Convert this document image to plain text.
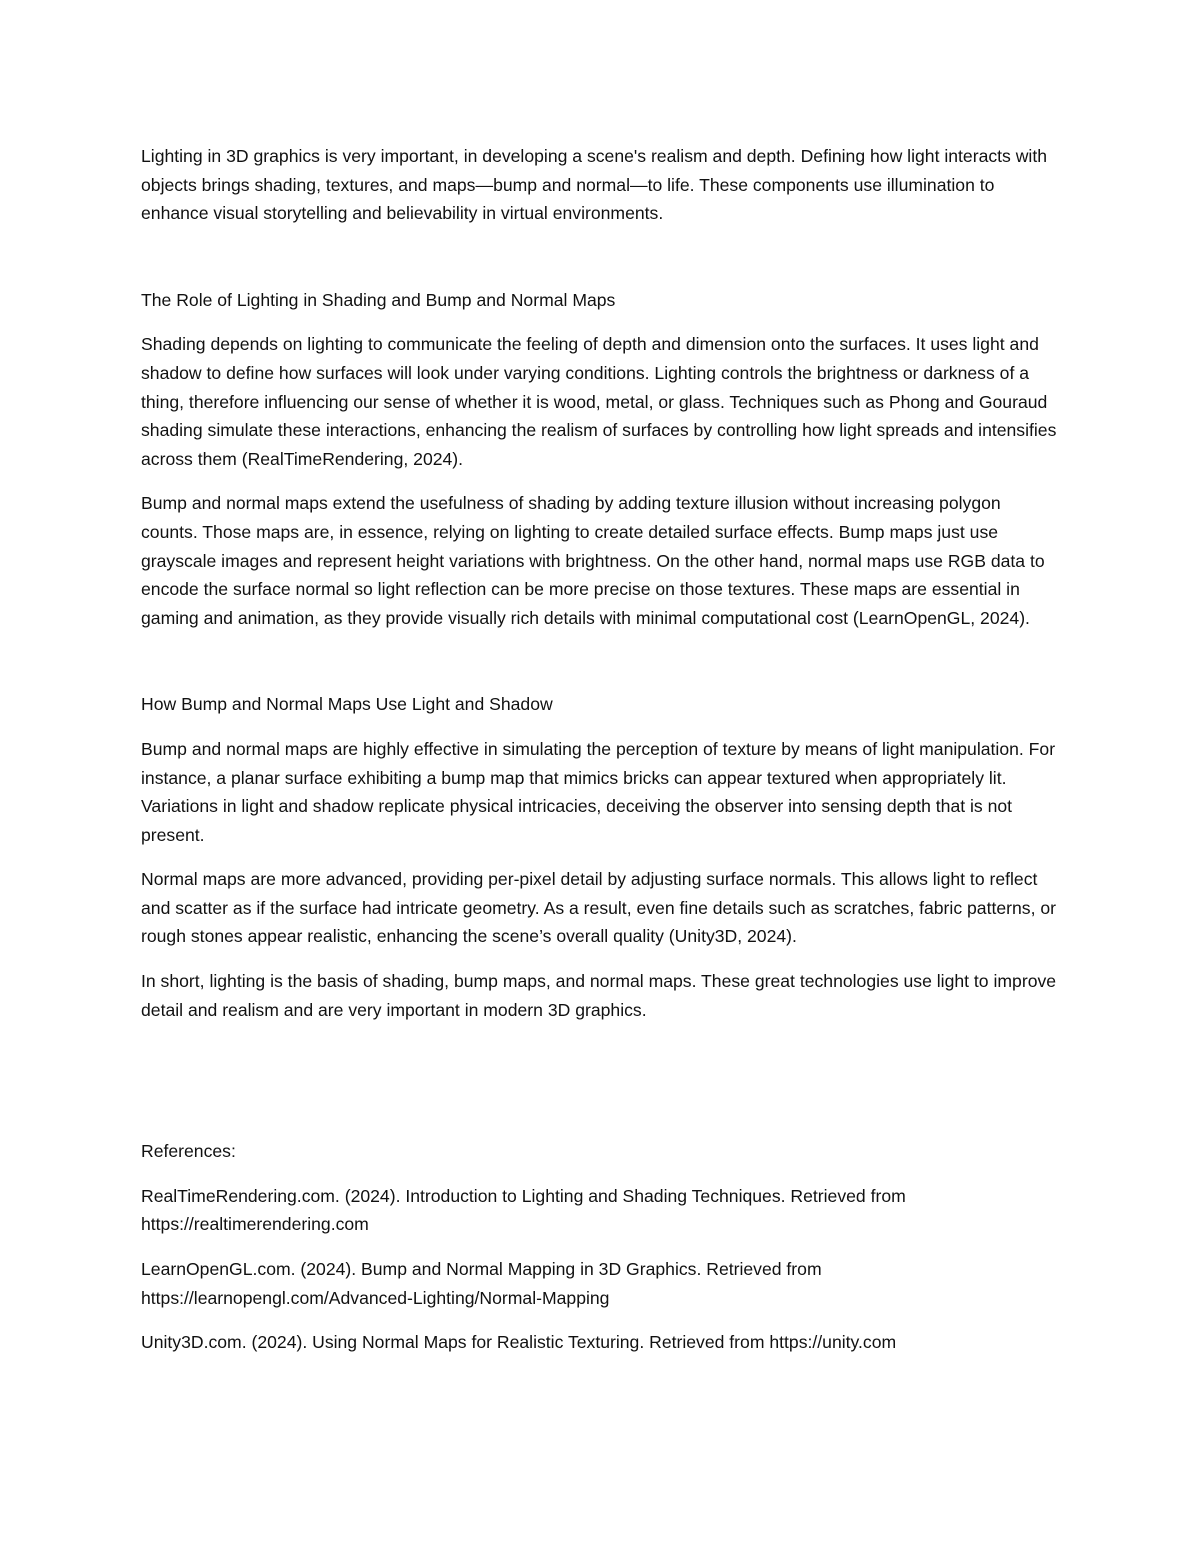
Lighting in 3D graphics is very important, in developing a scene's realism and depth. Defining how light interacts with objects brings shading, textures, and maps—bump and normal—to life. These components use illumination to enhance visual storytelling and believability in virtual environments.

The Role of Lighting in Shading and Bump and Normal Maps

Shading depends on lighting to communicate the feeling of depth and dimension onto the surfaces. It uses light and shadow to define how surfaces will look under varying conditions. Lighting controls the brightness or darkness of a thing, therefore influencing our sense of whether it is wood, metal, or glass. Techniques such as Phong and Gouraud shading simulate these interactions, enhancing the realism of surfaces by controlling how light spreads and intensifies across them (RealTimeRendering, 2024).

Bump and normal maps extend the usefulness of shading by adding texture illusion without increasing polygon counts. Those maps are, in essence, relying on lighting to create detailed surface effects. Bump maps just use grayscale images and represent height variations with brightness. On the other hand, normal maps use RGB data to encode the surface normal so light reflection can be more precise on those textures. These maps are essential in gaming and animation, as they provide visually rich details with minimal computational cost (LearnOpenGL, 2024).

How Bump and Normal Maps Use Light and Shadow

Bump and normal maps are highly effective in simulating the perception of texture by means of light manipulation. For instance, a planar surface exhibiting a bump map that mimics bricks can appear textured when appropriately lit. Variations in light and shadow replicate physical intricacies, deceiving the observer into sensing depth that is not present.

Normal maps are more advanced, providing per-pixel detail by adjusting surface normals. This allows light to reflect and scatter as if the surface had intricate geometry. As a result, even fine details such as scratches, fabric patterns, or rough stones appear realistic, enhancing the scene’s overall quality (Unity3D, 2024).

In short, lighting is the basis of shading, bump maps, and normal maps. These great technologies use light to improve detail and realism and are very important in modern 3D graphics.

References:

RealTimeRendering.com. (2024). Introduction to Lighting and Shading Techniques. Retrieved from https://realtimerendering.com

LearnOpenGL.com. (2024). Bump and Normal Mapping in 3D Graphics. Retrieved from https://learnopengl.com/Advanced-Lighting/Normal-Mapping

Unity3D.com. (2024). Using Normal Maps for Realistic Texturing. Retrieved from https://unity.com
